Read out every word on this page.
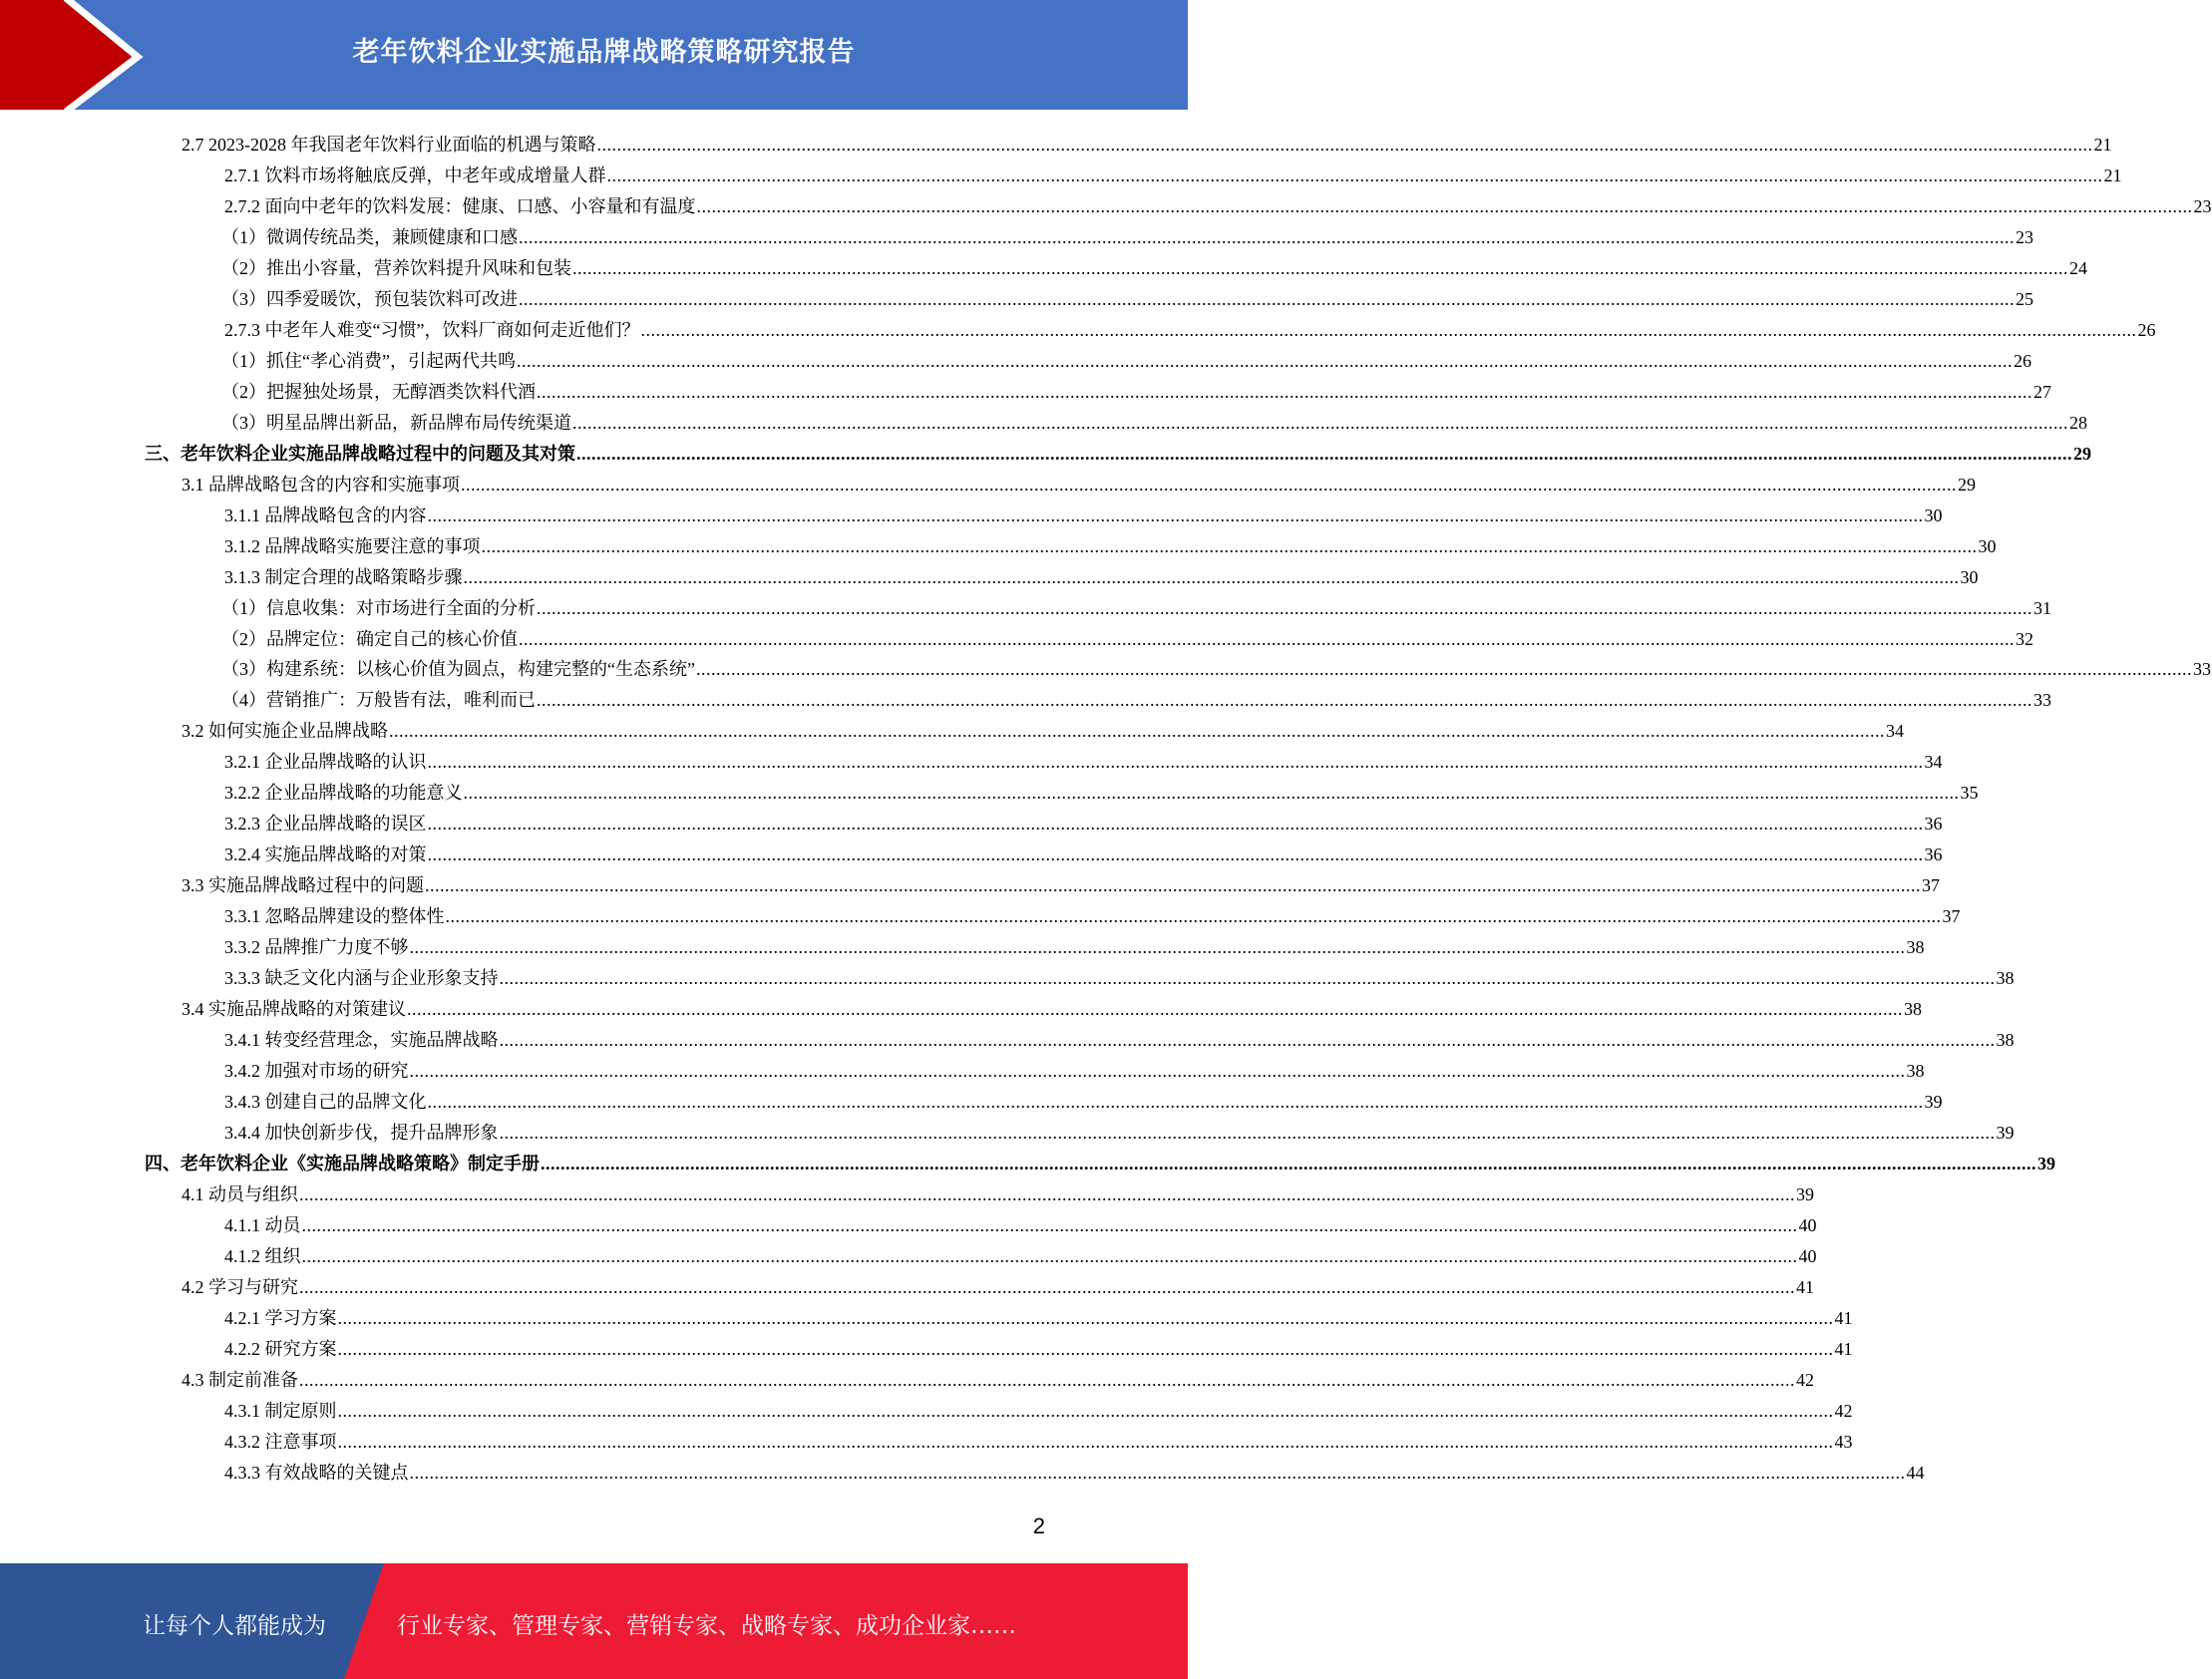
老年饮料企业实施品牌战略策略研究报告
2.7 2023-2028 年我国老年饮料行业面临的机遇与策略 ............................................................................................................................................................................................................................................................................................................ 21
2.7.1 饮料市场将触底反弹，中老年或成增量人群 ............................................................................................................................................................................................................................................................................................................ 21
2.7.2 面向中老年的饮料发展：健康、口感、小容量和有温度 ............................................................................................................................................................................................................................................................................................................ 23
（1）微调传统品类，兼顾健康和口感 ............................................................................................................................................................................................................................................................................................................ 23
（2）推出小容量，营养饮料提升风味和包装 ............................................................................................................................................................................................................................................................................................................ 24
（3）四季爱暖饮，预包装饮料可改进 ............................................................................................................................................................................................................................................................................................................ 25
2.7.3 中老年人难变“习惯”，饮料厂商如何走近他们？ ............................................................................................................................................................................................................................................................................................................ 26
（1）抓住“孝心消费”，引起两代共鸣 ............................................................................................................................................................................................................................................................................................................ 26
（2）把握独处场景，无醇酒类饮料代酒 ............................................................................................................................................................................................................................................................................................................ 27
（3）明星品牌出新品，新品牌布局传统渠道 ............................................................................................................................................................................................................................................................................................................ 28
三、老年饮料企业实施品牌战略过程中的问题及其对策 ............................................................................................................................................................................................................................................................................................................ 29
3.1 品牌战略包含的内容和实施事项 ............................................................................................................................................................................................................................................................................................................ 29
3.1.1 品牌战略包含的内容 ............................................................................................................................................................................................................................................................................................................ 30
3.1.2 品牌战略实施要注意的事项 ............................................................................................................................................................................................................................................................................................................ 30
3.1.3 制定合理的战略策略步骤 ............................................................................................................................................................................................................................................................................................................ 30
（1）信息收集：对市场进行全面的分析 ............................................................................................................................................................................................................................................................................................................ 31
（2）品牌定位：确定自己的核心价值 ............................................................................................................................................................................................................................................................................................................ 32
（3）构建系统：以核心价值为圆点，构建完整的“生态系统” ............................................................................................................................................................................................................................................................................................................ 33
（4）营销推广：万般皆有法，唯利而已 ............................................................................................................................................................................................................................................................................................................ 33
3.2 如何实施企业品牌战略 ............................................................................................................................................................................................................................................................................................................ 34
3.2.1 企业品牌战略的认识 ............................................................................................................................................................................................................................................................................................................ 34
3.2.2 企业品牌战略的功能意义 ............................................................................................................................................................................................................................................................................................................ 35
3.2.3 企业品牌战略的误区 ............................................................................................................................................................................................................................................................................................................ 36
3.2.4 实施品牌战略的对策 ............................................................................................................................................................................................................................................................................................................ 36
3.3 实施品牌战略过程中的问题 ............................................................................................................................................................................................................................................................................................................ 37
3.3.1 忽略品牌建设的整体性 ............................................................................................................................................................................................................................................................................................................ 37
3.3.2 品牌推广力度不够 ............................................................................................................................................................................................................................................................................................................ 38
3.3.3 缺乏文化内涵与企业形象支持 ............................................................................................................................................................................................................................................................................................................ 38
3.4 实施品牌战略的对策建议 ............................................................................................................................................................................................................................................................................................................ 38
3.4.1 转变经营理念，实施品牌战略 ............................................................................................................................................................................................................................................................................................................ 38
3.4.2 加强对市场的研究 ............................................................................................................................................................................................................................................................................................................ 38
3.4.3 创建自己的品牌文化 ............................................................................................................................................................................................................................................................................................................ 39
3.4.4 加快创新步伐，提升品牌形象 ............................................................................................................................................................................................................................................................................................................ 39
四、老年饮料企业《实施品牌战略策略》制定手册 ............................................................................................................................................................................................................................................................................................................ 39
4.1 动员与组织 ............................................................................................................................................................................................................................................................................................................ 39
4.1.1 动员 ............................................................................................................................................................................................................................................................................................................ 40
4.1.2 组织 ............................................................................................................................................................................................................................................................................................................ 40
4.2 学习与研究 ............................................................................................................................................................................................................................................................................................................ 41
4.2.1 学习方案 ............................................................................................................................................................................................................................................................................................................ 41
4.2.2 研究方案 ............................................................................................................................................................................................................................................................................................................ 41
4.3 制定前准备 ............................................................................................................................................................................................................................................................................................................ 42
4.3.1 制定原则 ............................................................................................................................................................................................................................................................................................................ 42
4.3.2 注意事项 ............................................................................................................................................................................................................................................................................................................ 43
4.3.3 有效战略的关键点 ............................................................................................................................................................................................................................................................................................................ 44
2
让每个人都能成为	行业专家、管理专家、营销专家、战略专家、成功企业家……
